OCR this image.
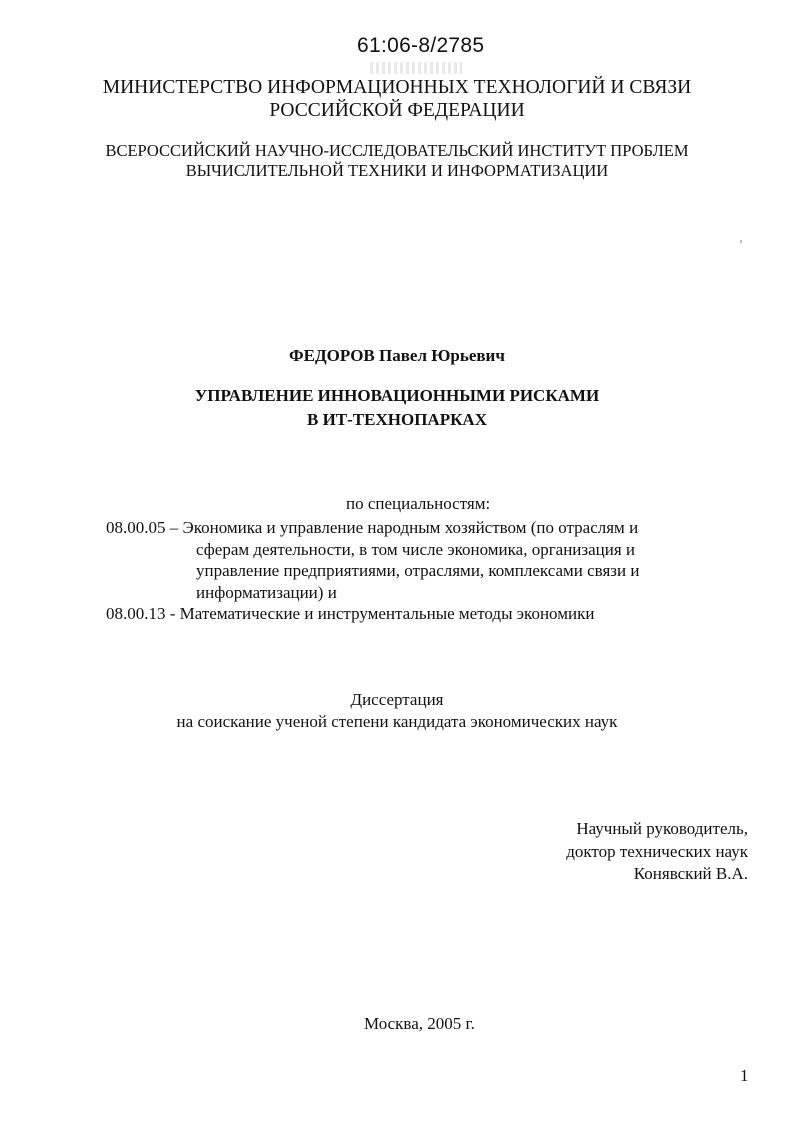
61:06-8/2785
МИНИСТЕРСТВО ИНФОРМАЦИОННЫХ ТЕХНОЛОГИЙ И СВЯЗИ
РОССИЙСКОЙ ФЕДЕРАЦИИ
ВСЕРОССИЙСКИЙ НАУЧНО-ИССЛЕДОВАТЕЛЬСКИЙ ИНСТИТУТ ПРОБЛЕМ
ВЫЧИСЛИТЕЛЬНОЙ ТЕХНИКИ И ИНФОРМАТИЗАЦИИ
ФЕДОРОВ Павел Юрьевич
УПРАВЛЕНИЕ ИННОВАЦИОННЫМИ РИСКАМИ
В ИТ-ТЕХНОПАРКАХ
по специальностям:
08.00.05 – Экономика и управление народным хозяйством (по отраслям и
сферам деятельности, в том числе экономика, организация и
управление предприятиями, отраслями, комплексами связи и
информатизации) и
08.00.13 - Математические и инструментальные методы экономики
Диссертация
на соискание ученой степени кандидата экономических наук
Научный руководитель,
доктор технических наук
Конявский В.А.
Москва, 2005 г.
1
